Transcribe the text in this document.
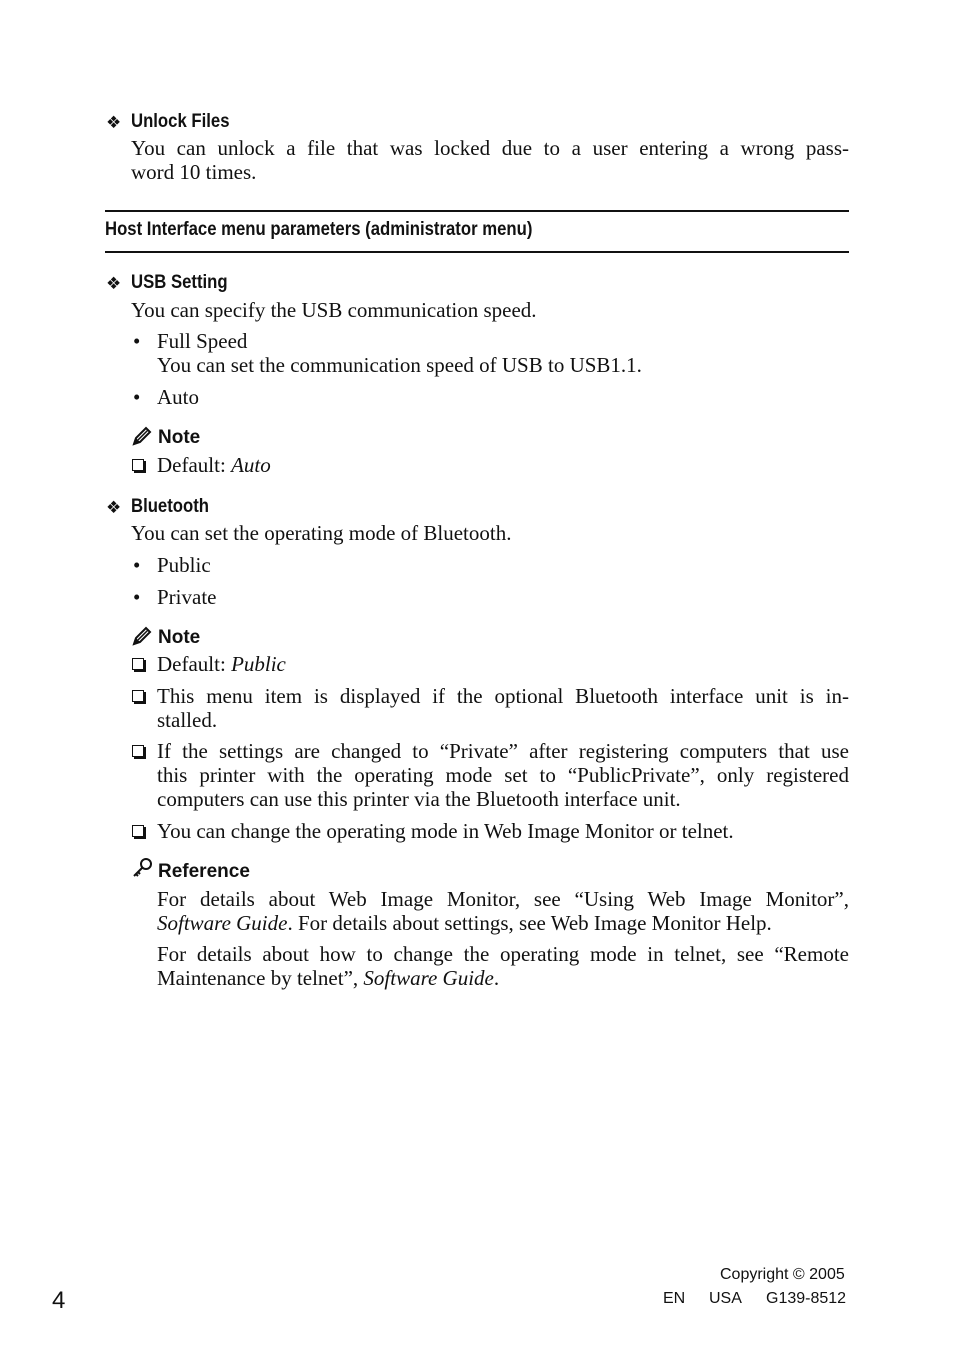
❖ Unlock Files
You can unlock a file that was locked due to a user entering a wrong pass-
word 10 times.
Host Interface menu parameters (administrator menu)
❖ USB Setting
You can specify the USB communication speed.
• Full Speed
You can set the communication speed of USB to USB1.1.
• Auto
Note
Default: Auto
❖ Bluetooth
You can set the operating mode of Bluetooth.
• Public
• Private
Note
Default: Public
This menu item is displayed if the optional Bluetooth interface unit is in-
stalled.
If the settings are changed to “Private” after registering computers that use
this printer with the operating mode set to “PublicPrivate”, only registered
computers can use this printer via the Bluetooth interface unit.
You can change the operating mode in Web Image Monitor or telnet.
Reference
For details about Web Image Monitor, see “Using Web Image Monitor”,
Software Guide. For details about settings, see Web Image Monitor Help.
For details about how to change the operating mode in telnet, see “Remote
Maintenance by telnet”, Software Guide.
4
Copyright © 2005
EN USA G139-8512
